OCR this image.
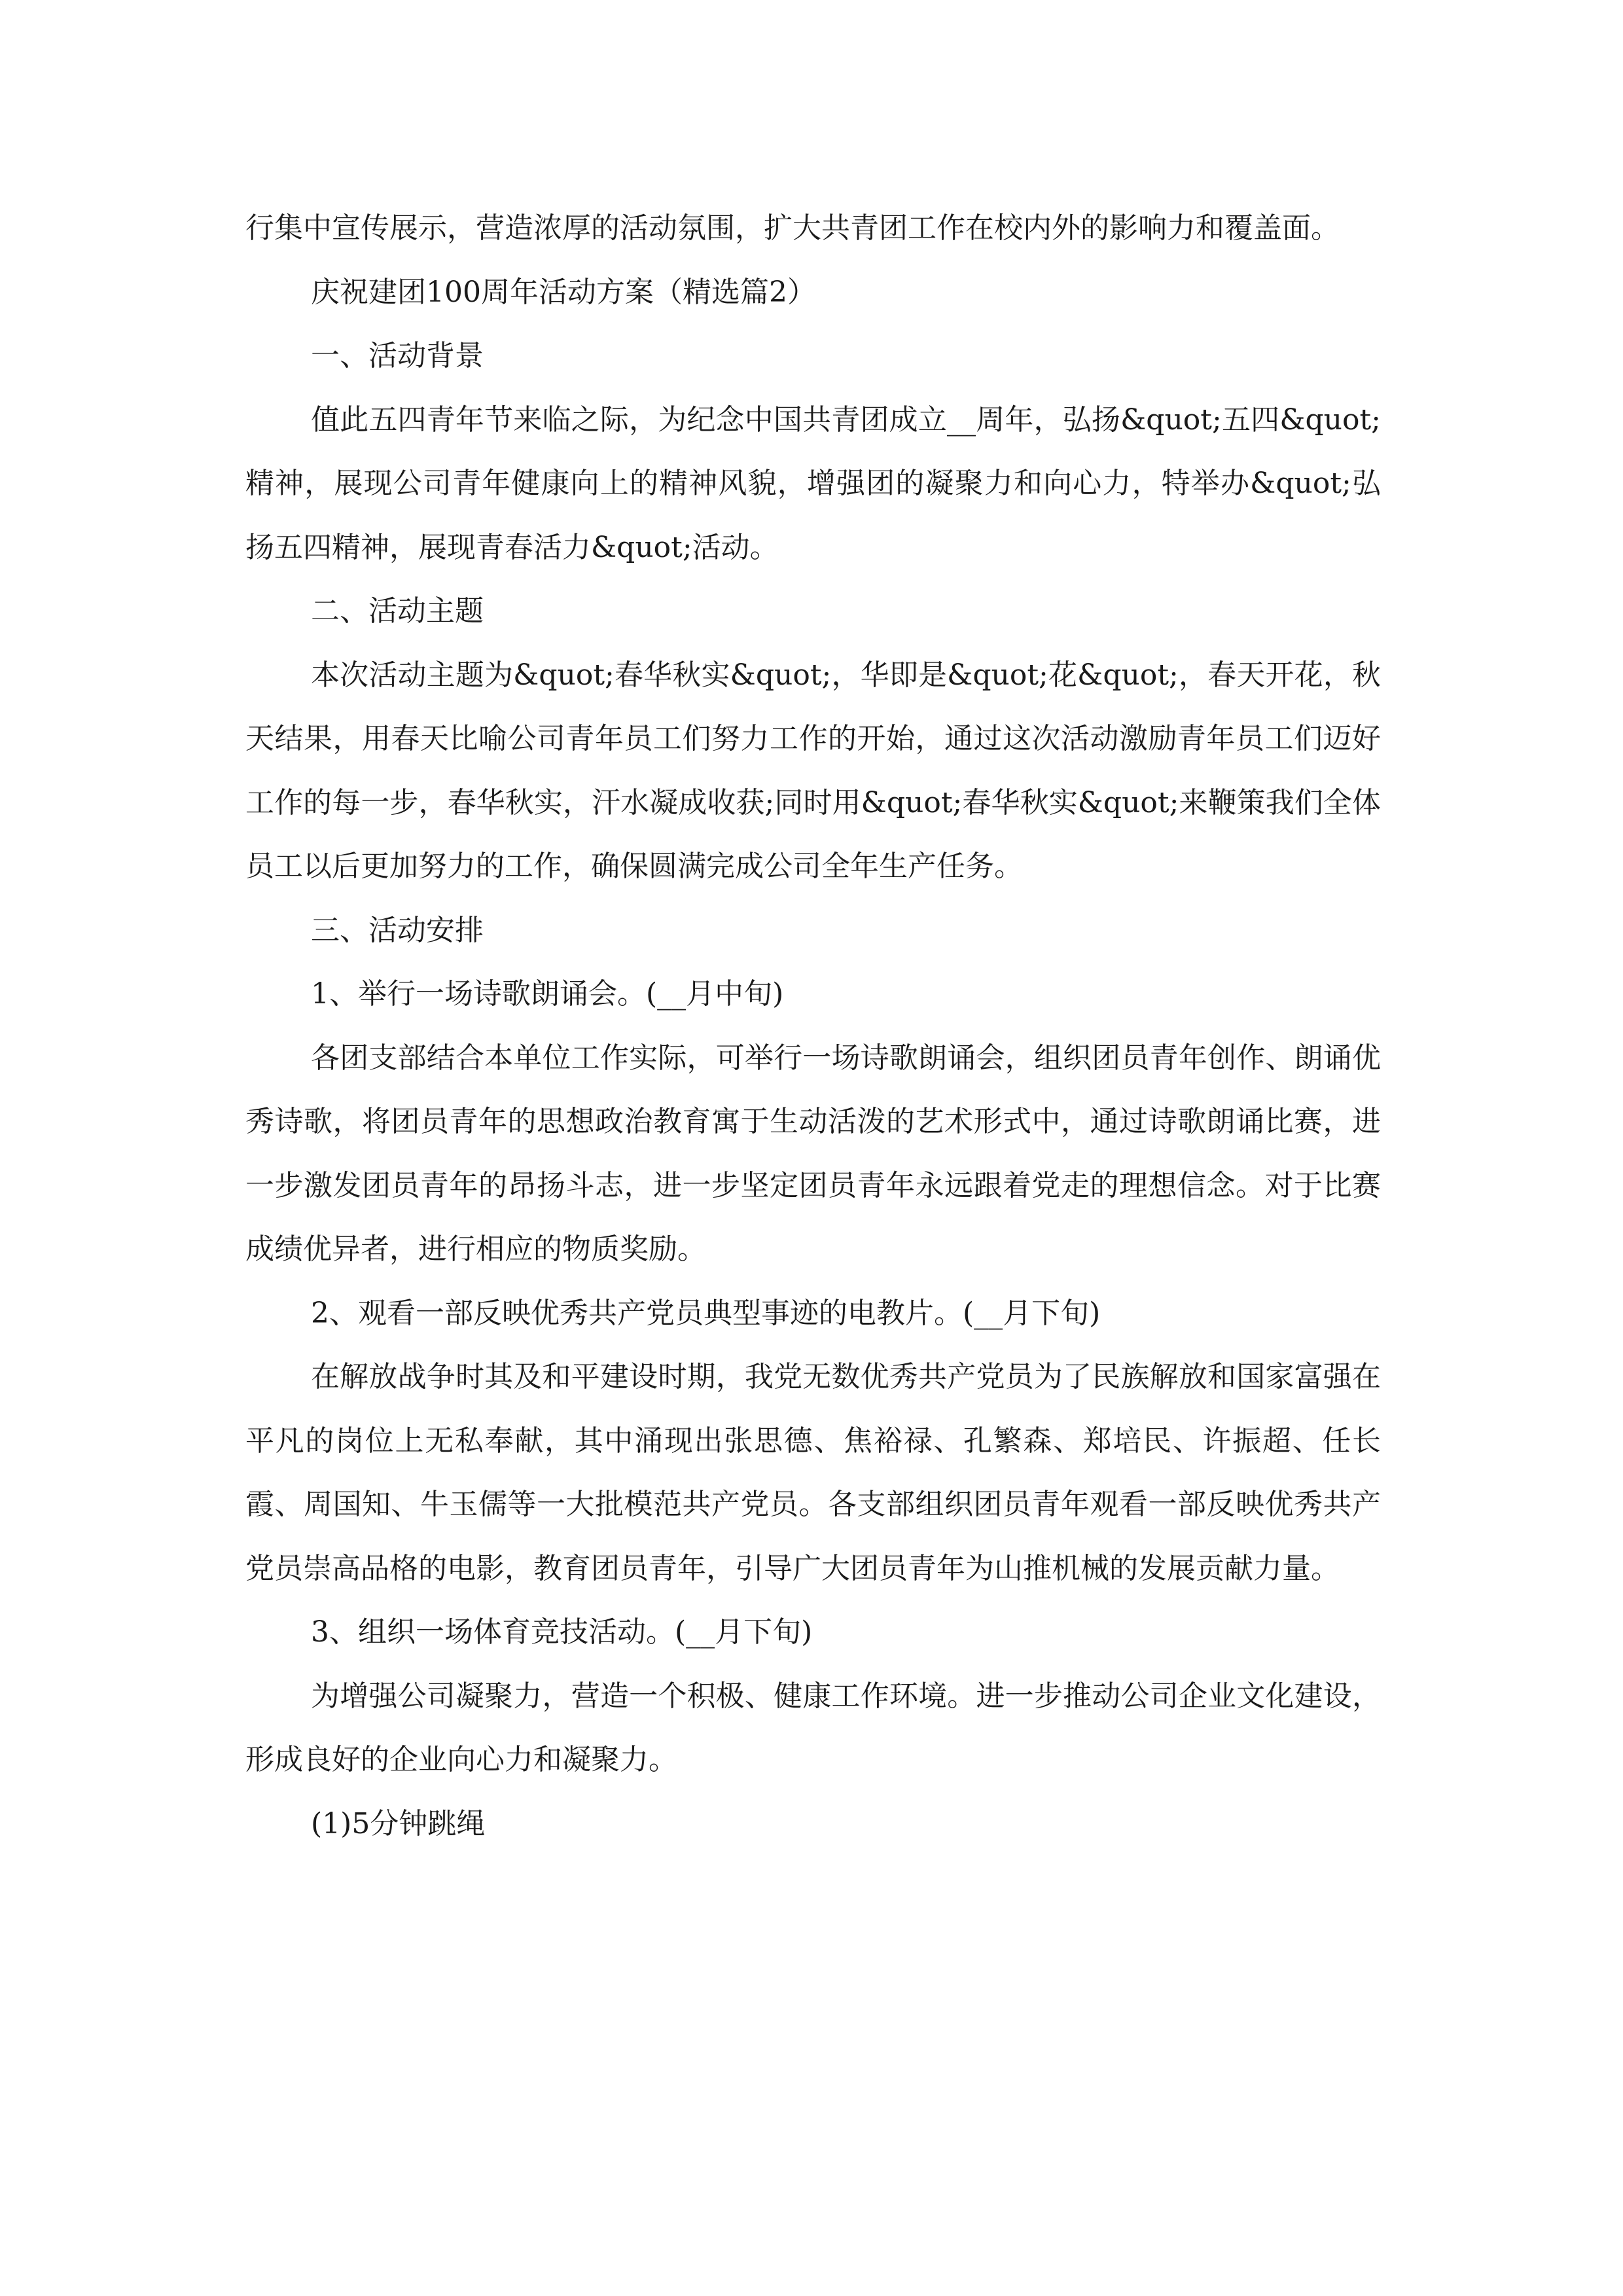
行集中宣传展示，营造浓厚的活动氛围，扩大共青团工作在校内外的影响力和覆盖面。

庆祝建团100周年活动方案（精选篇2）

一、活动背景

值此五四青年节来临之际，为纪念中国共青团成立__周年，弘扬&quot;五四&quot;精神，展现公司青年健康向上的精神风貌，增强团的凝聚力和向心力，特举办&quot;弘扬五四精神，展现青春活力&quot;活动。

二、活动主题

本次活动主题为&quot;春华秋实&quot;，华即是&quot;花&quot;，春天开花，秋天结果，用春天比喻公司青年员工们努力工作的开始，通过这次活动激励青年员工们迈好工作的每一步，春华秋实，汗水凝成收获;同时用&quot;春华秋实&quot;来鞭策我们全体员工以后更加努力的工作，确保圆满完成公司全年生产任务。

三、活动安排

1、举行一场诗歌朗诵会。(__月中旬)

各团支部结合本单位工作实际，可举行一场诗歌朗诵会，组织团员青年创作、朗诵优秀诗歌，将团员青年的思想政治教育寓于生动活泼的艺术形式中，通过诗歌朗诵比赛，进一步激发团员青年的昂扬斗志，进一步坚定团员青年永远跟着党走的理想信念。对于比赛成绩优异者，进行相应的物质奖励。

2、观看一部反映优秀共产党员典型事迹的电教片。(__月下旬)

在解放战争时其及和平建设时期，我党无数优秀共产党员为了民族解放和国家富强在平凡的岗位上无私奉献，其中涌现出张思德、焦裕禄、孔繁森、郑培民、许振超、任长霞、周国知、牛玉儒等一大批模范共产党员。各支部组织团员青年观看一部反映优秀共产党员崇高品格的电影，教育团员青年，引导广大团员青年为山推机械的发展贡献力量。

3、组织一场体育竞技活动。(__月下旬)

为增强公司凝聚力，营造一个积极、健康工作环境。进一步推动公司企业文化建设，形成良好的企业向心力和凝聚力。

(1)5分钟跳绳
